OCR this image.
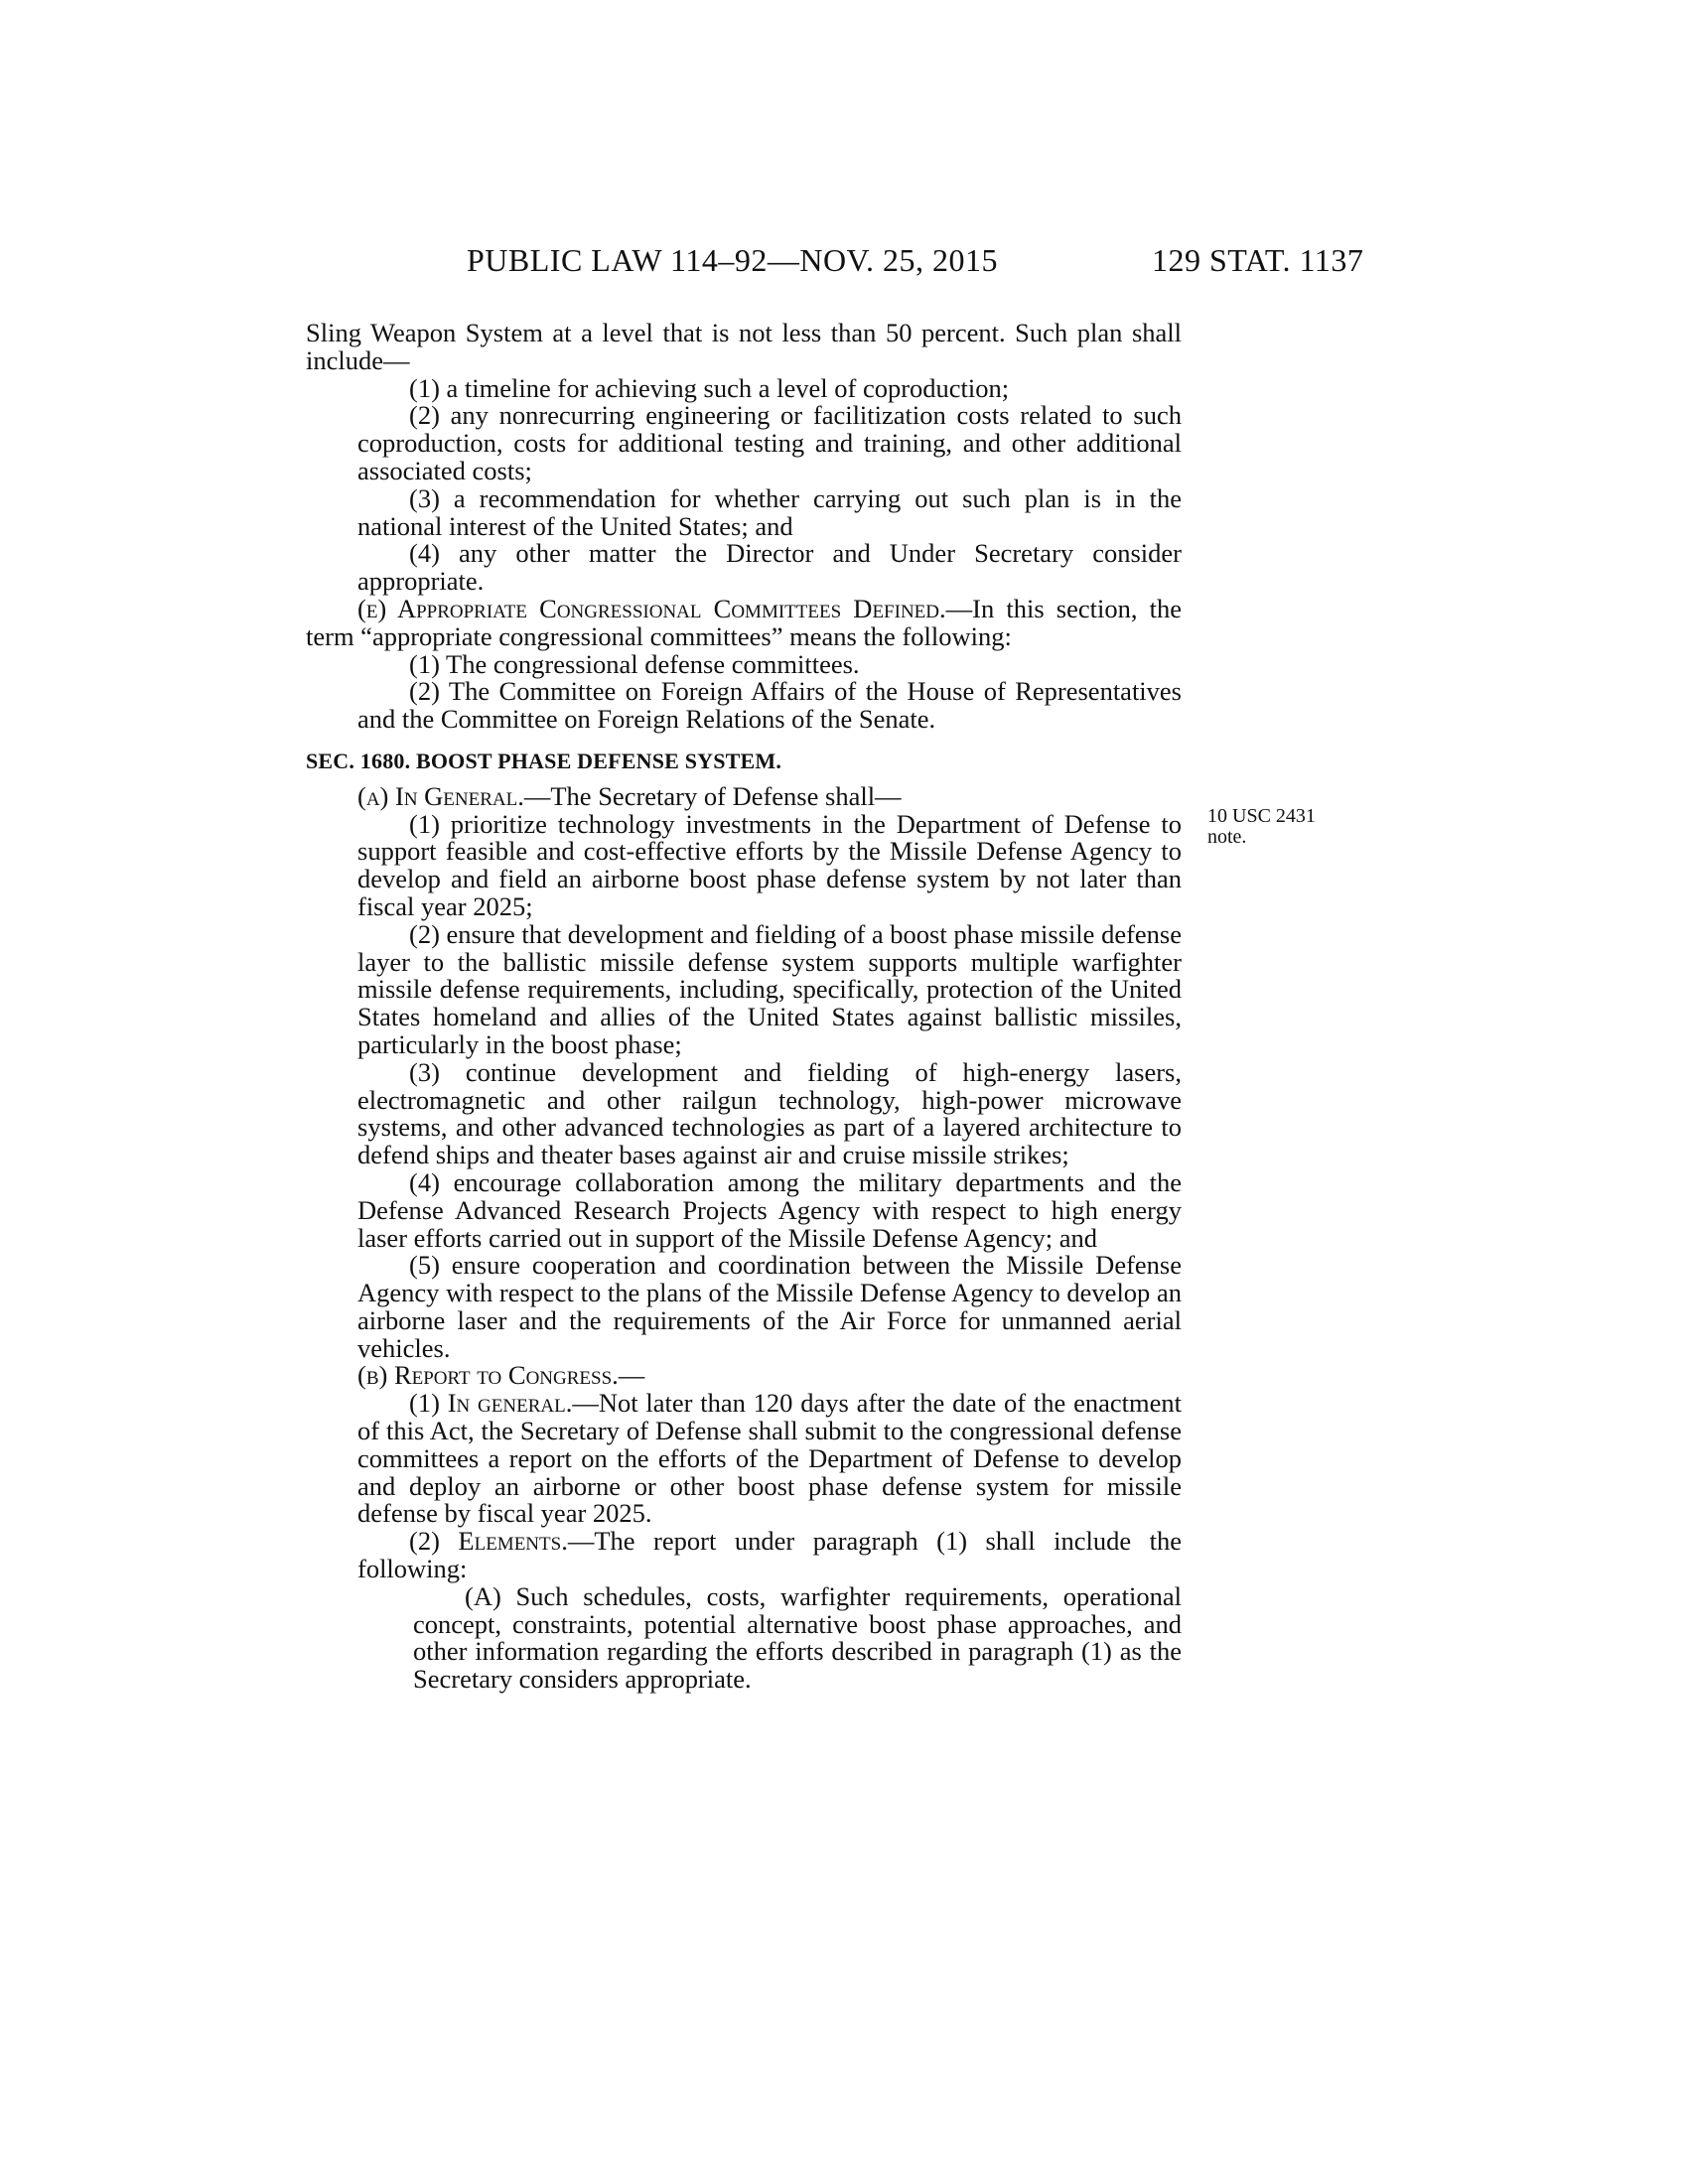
PUBLIC LAW 114–92—NOV. 25, 2015	129 STAT. 1137
10 USC 2431
note.

Sling Weapon System at a level that is not less than 50 percent. Such plan shall include—

(1) a timeline for achieving such a level of coproduction;

(2) any nonrecurring engineering or facilitization costs related to such coproduction, costs for additional testing and training, and other additional associated costs;

(3) a recommendation for whether carrying out such plan is in the national interest of the United States; and

(4) any other matter the Director and Under Secretary consider appropriate.

(e) Appropriate Congressional Committees Defined.—In this section, the term “appropriate congressional committees” means the following:

(1) The congressional defense committees.

(2) The Committee on Foreign Affairs of the House of Representatives and the Committee on Foreign Relations of the Senate.

SEC. 1680. BOOST PHASE DEFENSE SYSTEM.

(a) In General.—The Secretary of Defense shall—

(1) prioritize technology investments in the Department of Defense to support feasible and cost-effective efforts by the Missile Defense Agency to develop and field an airborne boost phase defense system by not later than fiscal year 2025;

(2) ensure that development and fielding of a boost phase missile defense layer to the ballistic missile defense system supports multiple warfighter missile defense requirements, including, specifically, protection of the United States homeland and allies of the United States against ballistic missiles, particularly in the boost phase;

(3) continue development and fielding of high-energy lasers, electromagnetic and other railgun technology, high-power microwave systems, and other advanced technologies as part of a layered architecture to defend ships and theater bases against air and cruise missile strikes;

(4) encourage collaboration among the military departments and the Defense Advanced Research Projects Agency with respect to high energy laser efforts carried out in support of the Missile Defense Agency; and

(5) ensure cooperation and coordination between the Missile Defense Agency with respect to the plans of the Missile Defense Agency to develop an airborne laser and the requirements of the Air Force for unmanned aerial vehicles.

(b) Report to Congress.—

(1) In general.—Not later than 120 days after the date of the enactment of this Act, the Secretary of Defense shall submit to the congressional defense committees a report on the efforts of the Department of Defense to develop and deploy an airborne or other boost phase defense system for missile defense by fiscal year 2025.

(2) Elements.—The report under paragraph (1) shall include the following:

(A) Such schedules, costs, warfighter requirements, operational concept, constraints, potential alternative boost phase approaches, and other information regarding the efforts described in paragraph (1) as the Secretary considers appropriate.
